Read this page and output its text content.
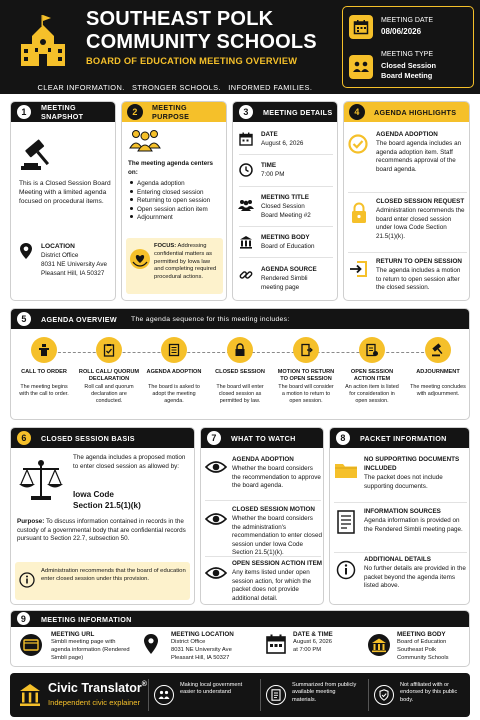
SOUTHEAST POLK
COMMUNITY SCHOOLS
BOARD OF EDUCATION MEETING OVERVIEW

CLEAR INFORMATION.   STRONGER SCHOOLS.   INFORMED FAMILIES.

MEETING DATE
08/06/2026
MEETING TYPE
Closed Session
Board Meeting
1	MEETING SNAPSHOT
This is a Closed Session Board Meeting with a limited agenda focused on procedural items.
LOCATION
District Office
8031 NE University Ave
Pleasant Hill, IA 50327
2	MEETING PURPOSE
The meeting agenda centers on:
Agenda adoption
Entering closed session
Returning to open session
Open session action item
Adjournment
FOCUS: Addressing confidential matters as permitted by Iowa law and completing required procedural actions.
3	MEETING DETAILS
DATE
August 6, 2026
TIME
7:00 PM
MEETING TITLE
Closed Session
Board Meeting #2
MEETING BODY
Board of Education
AGENDA SOURCE
Rendered Simbli
meeting page
4	AGENDA HIGHLIGHTS
AGENDA ADOPTION
The board agenda includes an agenda adoption item. Staff recommends approval of the board agenda.
CLOSED SESSION REQUEST
Administration recommends the board enter closed session under Iowa Code Section 21.5(1)(k).
RETURN TO OPEN SESSION
The agenda includes a motion to return to open session after the closed session.
5	AGENDA OVERVIEW The agenda sequence for this meeting includes:
CALL TO ORDER
The meeting begins with the call to order.
ROLL CALL/ QUORUM DECLARATION
Roll call and quorum declaration are conducted.
AGENDA ADOPTION
The board is asked to adopt the meeting agenda.
CLOSED SESSION
The board will enter closed session as permitted by law.
MOTION TO RETURN TO OPEN SESSION
The board will consider a motion to return to open session.
OPEN SESSION ACTION ITEM
An action item is listed for consideration in open session.
ADJOURNMENT
The meeting concludes with adjournment.
6	CLOSED SESSION BASIS
The agenda includes a proposed motion to enter closed session as allowed by:
Iowa Code
Section 21.5(1)(k)
Purpose: To discuss information contained in records in the custody of a governmental body that are confidential records pursuant to Section 22.7, subsection 50.
Administration recommends that the board of education enter closed session under this provision.
7	WHAT TO WATCH
AGENDA ADOPTION
Whether the board considers the recommendation to approve the board agenda.
CLOSED SESSION MOTION
Whether the board considers the administration's recommendation to enter closed session under Iowa Code Section 21.5(1)(k).
OPEN SESSION ACTION ITEM
Any items listed under open session action, for which the packet does not provide additional detail.
8	PACKET INFORMATION
NO SUPPORTING DOCUMENTS INCLUDED
The packet does not include supporting documents.
INFORMATION SOURCES
Agenda information is provided on the Rendered Simbli meeting page.
ADDITIONAL DETAILS
No further details are provided in the packet beyond the agenda items listed above.
9	MEETING INFORMATION
MEETING URL
Simbli meeting page with agenda information (Rendered Simbli page)
MEETING LOCATION
District Office
8031 NE University Ave
Pleasant Hill, IA 50327
DATE & TIME
August 6, 2026
at 7:00 PM
MEETING BODY
Board of Education
Southeast Polk
Community Schools
Civic Translator®
Independent civic explainer
Making local government easier to understand
Summarized from publicly available meeting materials.
Not affiliated with or endorsed by this public body.
